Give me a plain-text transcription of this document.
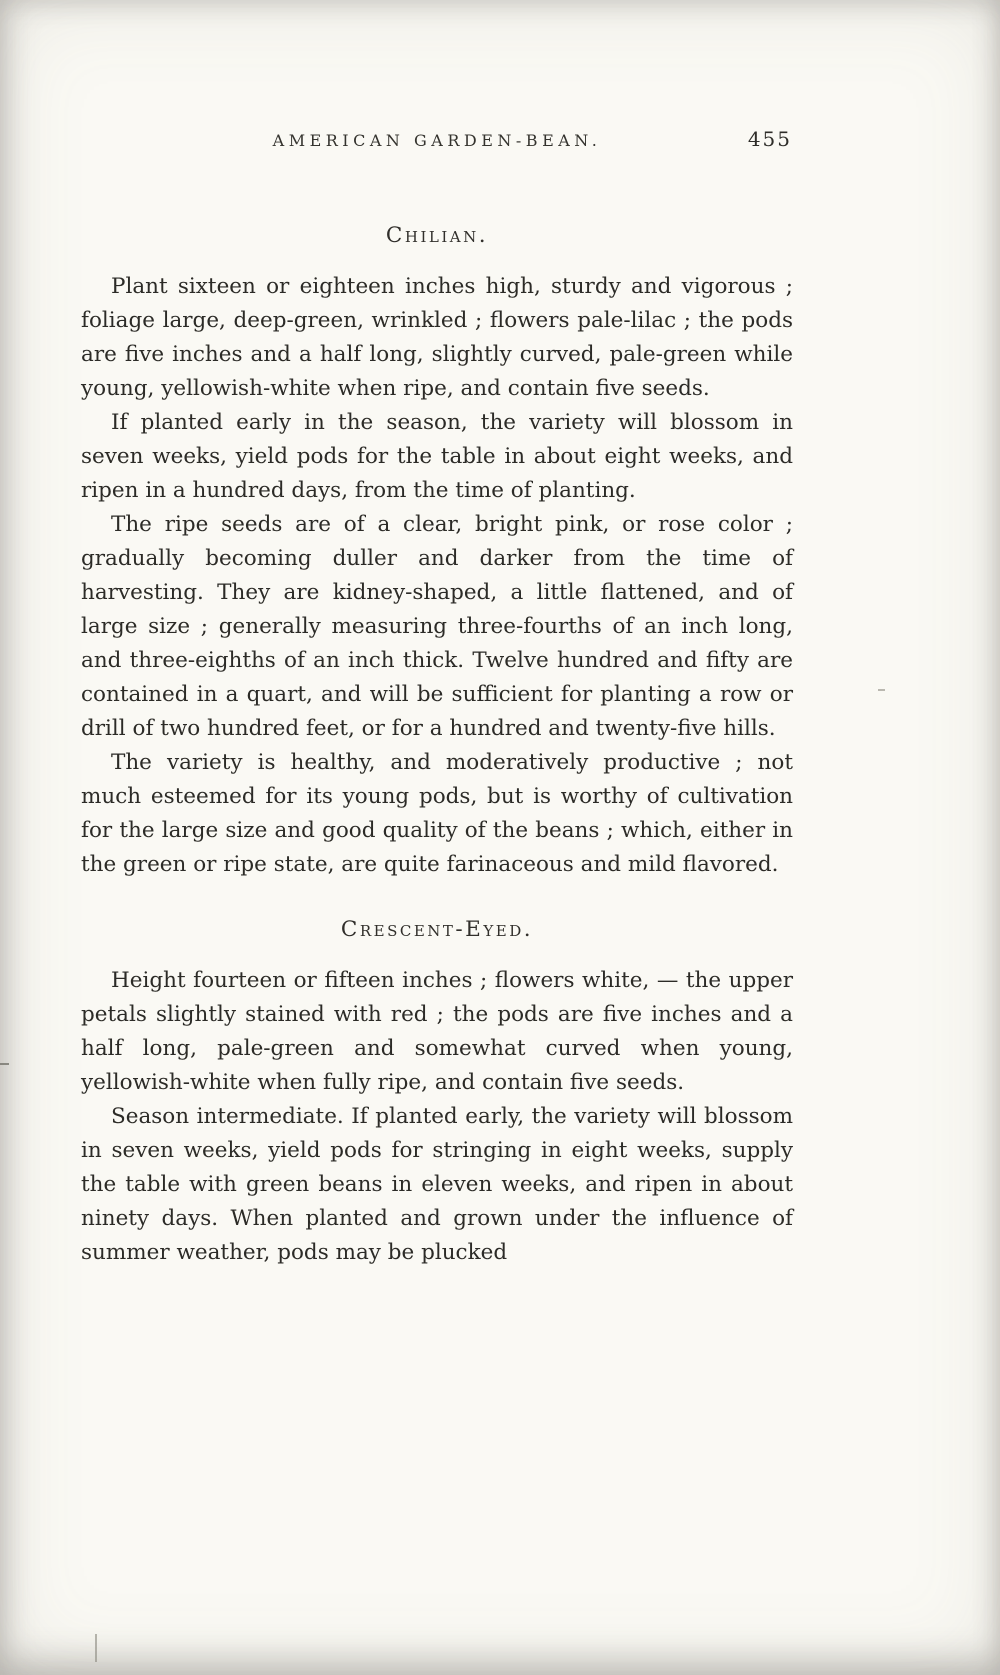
AMERICAN GARDEN-BEAN.	455
Chilian.

Plant sixteen or eighteen inches high, sturdy and vigorous ; foliage large, deep-green, wrinkled ; flowers pale-lilac ; the pods are five inches and a half long, slightly curved, pale-green while young, yellowish-white when ripe, and contain five seeds.

If planted early in the season, the variety will blossom in seven weeks, yield pods for the table in about eight weeks, and ripen in a hundred days, from the time of planting.

The ripe seeds are of a clear, bright pink, or rose color ; gradually becoming duller and darker from the time of harvesting. They are kidney-shaped, a little flattened, and of large size ; generally measuring three-fourths of an inch long, and three-eighths of an inch thick. Twelve hundred and fifty are contained in a quart, and will be sufficient for planting a row or drill of two hundred feet, or for a hundred and twenty-five hills.

The variety is healthy, and moderatively productive ; not much esteemed for its young pods, but is worthy of cultivation for the large size and good quality of the beans ; which, either in the green or ripe state, are quite farinaceous and mild flavored.

Crescent-Eyed.

Height fourteen or fifteen inches ; flowers white, — the upper petals slightly stained with red ; the pods are five inches and a half long, pale-green and somewhat curved when young, yellowish-white when fully ripe, and contain five seeds.

Season intermediate. If planted early, the variety will blossom in seven weeks, yield pods for stringing in eight weeks, supply the table with green beans in eleven weeks, and ripen in about ninety days. When planted and grown under the influence of summer weather, pods may be plucked
